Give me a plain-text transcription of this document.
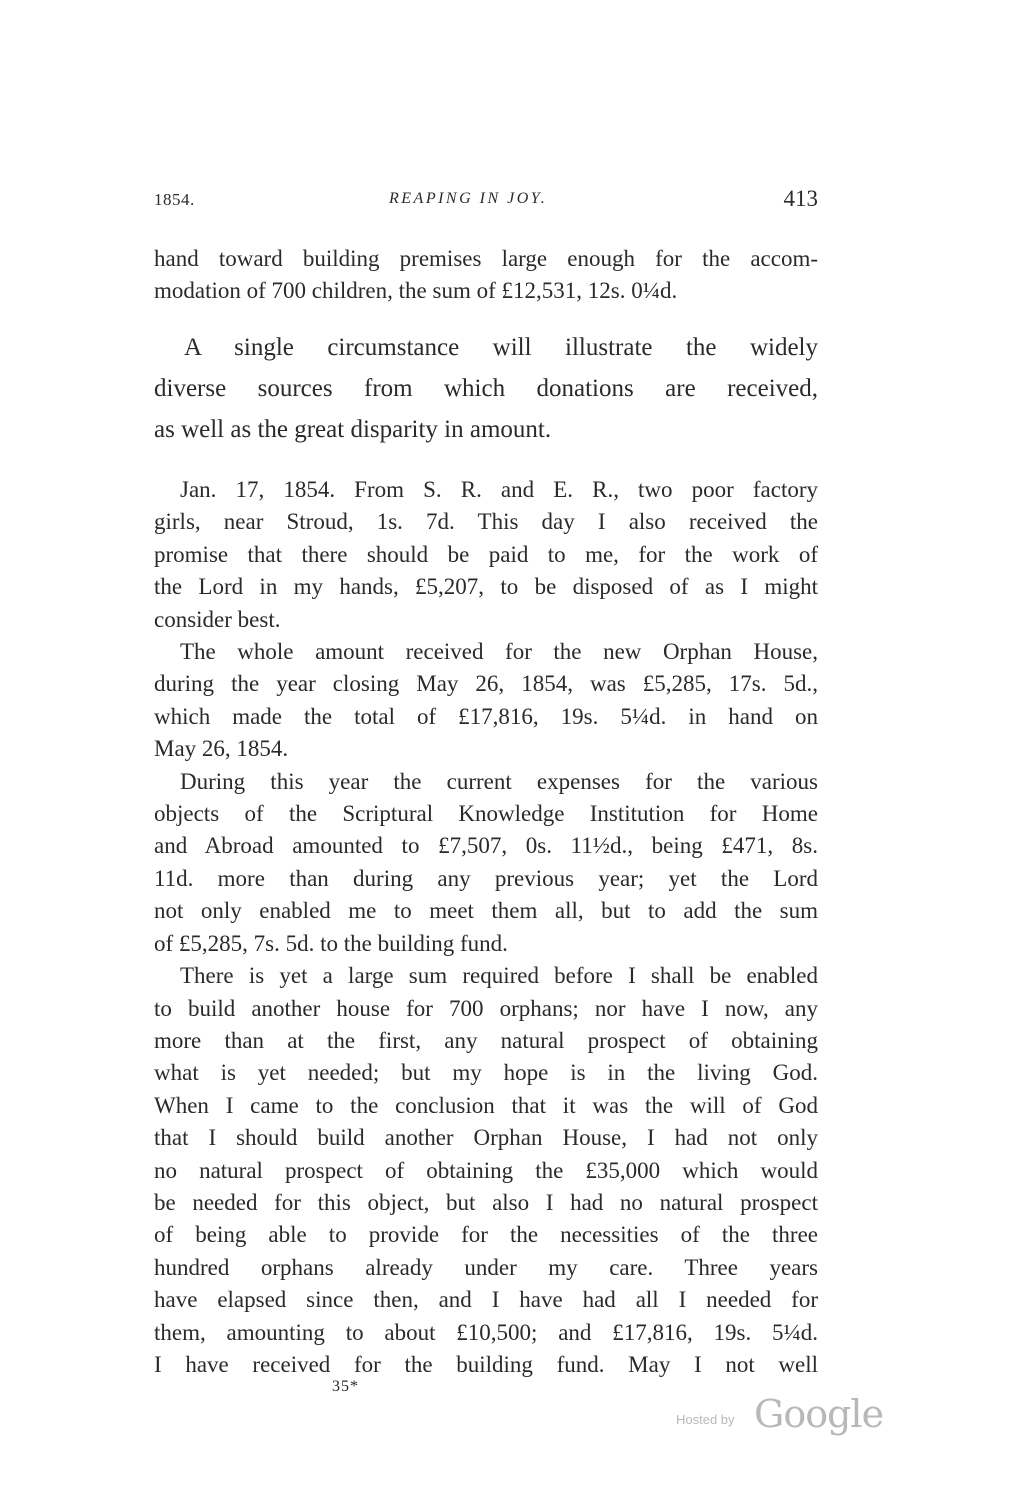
1854.	REAPING IN JOY.	413
hand toward building premises large enough for the accom-
modation of 700 children, the sum of £12,531, 12s. 0¼d.
A single circumstance will illustrate the widely
diverse sources from which donations are received,
as well as the great disparity in amount.
Jan. 17, 1854. From S. R. and E. R., two poor factory
girls, near Stroud, 1s. 7d. This day I also received the
promise that there should be paid to me, for the work of
the Lord in my hands, £5,207, to be disposed of as I might
consider best.
The whole amount received for the new Orphan House,
during the year closing May 26, 1854, was £5,285, 17s. 5d.,
which made the total of £17,816, 19s. 5¼d. in hand on
May 26, 1854.
During this year the current expenses for the various
objects of the Scriptural Knowledge Institution for Home
and Abroad amounted to £7,507, 0s. 11½d., being £471, 8s.
11d. more than during any previous year; yet the Lord
not only enabled me to meet them all, but to add the sum
of £5,285, 7s. 5d. to the building fund.
There is yet a large sum required before I shall be enabled
to build another house for 700 orphans; nor have I now, any
more than at the first, any natural prospect of obtaining
what is yet needed; but my hope is in the living God.
When I came to the conclusion that it was the will of God
that I should build another Orphan House, I had not only
no natural prospect of obtaining the £35,000 which would
be needed for this object, but also I had no natural prospect
of being able to provide for the necessities of the three
hundred orphans already under my care. Three years
have elapsed since then, and I have had all I needed for
them, amounting to about £10,500; and £17,816, 19s. 5¼d.
I have received for the building fund. May I not well
35*
Hosted by Google
